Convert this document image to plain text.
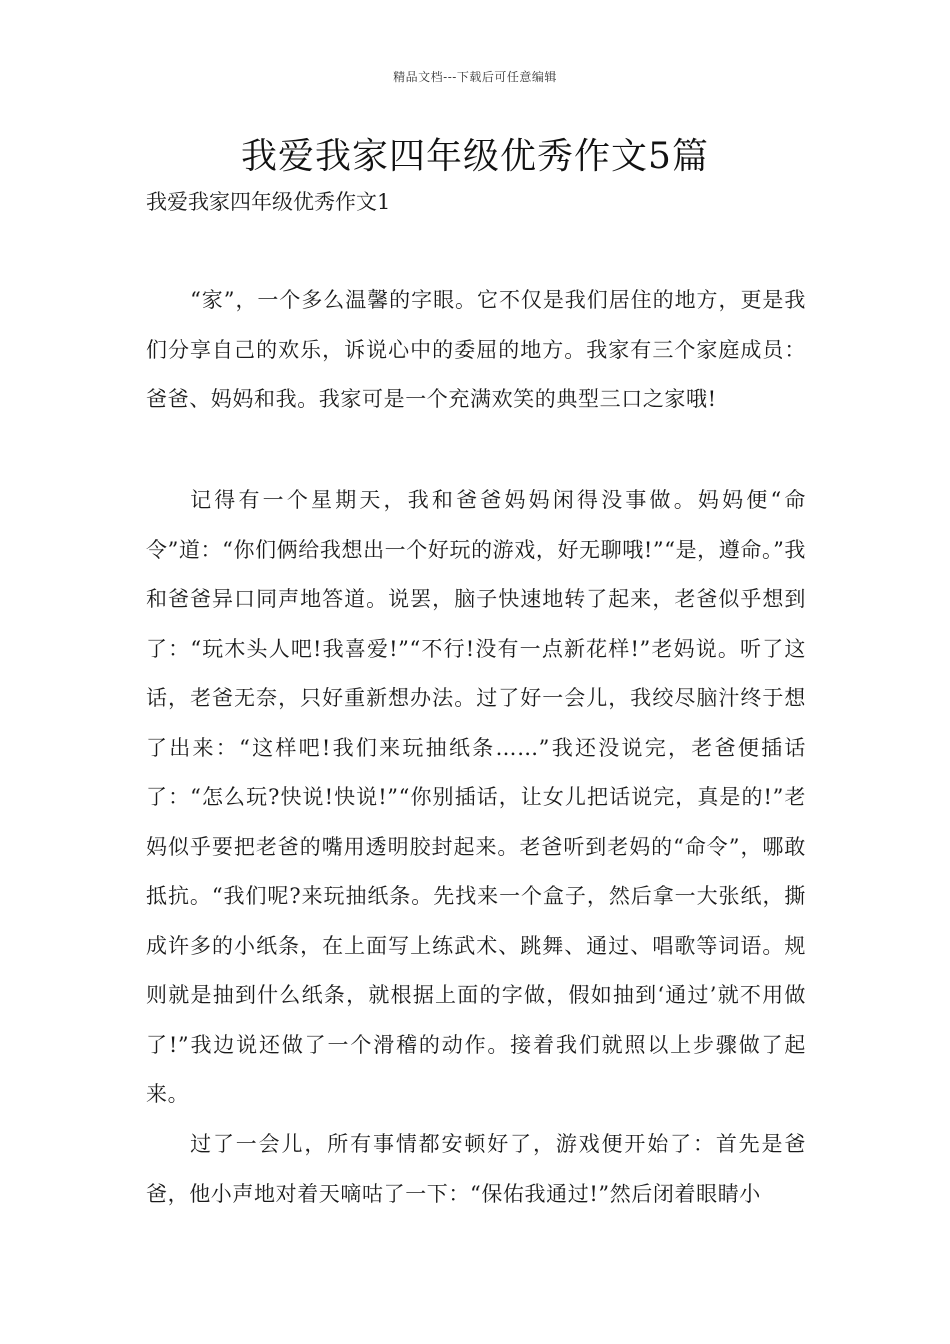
精品文档---下载后可任意编辑
我爱我家四年级优秀作文5篇
我爱我家四年级优秀作文1

“家”，一个多么温馨的字眼。它不仅是我们居住的地方，更是我们分享自己的欢乐，诉说心中的委屈的地方。我家有三个家庭成员：爸爸、妈妈和我。我家可是一个充满欢笑的典型三口之家哦!

记得有一个星期天，我和爸爸妈妈闲得没事做。妈妈便“命令”道：“你们俩给我想出一个好玩的游戏，好无聊哦!”“是，遵命。”我和爸爸异口同声地答道。说罢，脑子快速地转了起来，老爸似乎想到了：“玩木头人吧!我喜爱!”“不行!没有一点新花样!”老妈说。听了这话，老爸无奈，只好重新想办法。过了好一会儿，我绞尽脑汁终于想了出来：“这样吧!我们来玩抽纸条……”我还没说完，老爸便插话了：“怎么玩?快说!快说!”“你别插话，让女儿把话说完，真是的!”老妈似乎要把老爸的嘴用透明胶封起来。老爸听到老妈的“命令”，哪敢抵抗。“我们呢?来玩抽纸条。先找来一个盒子，然后拿一大张纸，撕成许多的小纸条，在上面写上练武术、跳舞、通过、唱歌等词语。规则就是抽到什么纸条，就根据上面的字做，假如抽到‘通过’就不用做了!”我边说还做了一个滑稽的动作。接着我们就照以上步骤做了起来。

过了一会儿，所有事情都安顿好了，游戏便开始了：首先是爸爸，他小声地对着天嘀咕了一下：“保佑我通过!”然后闭着眼睛小
